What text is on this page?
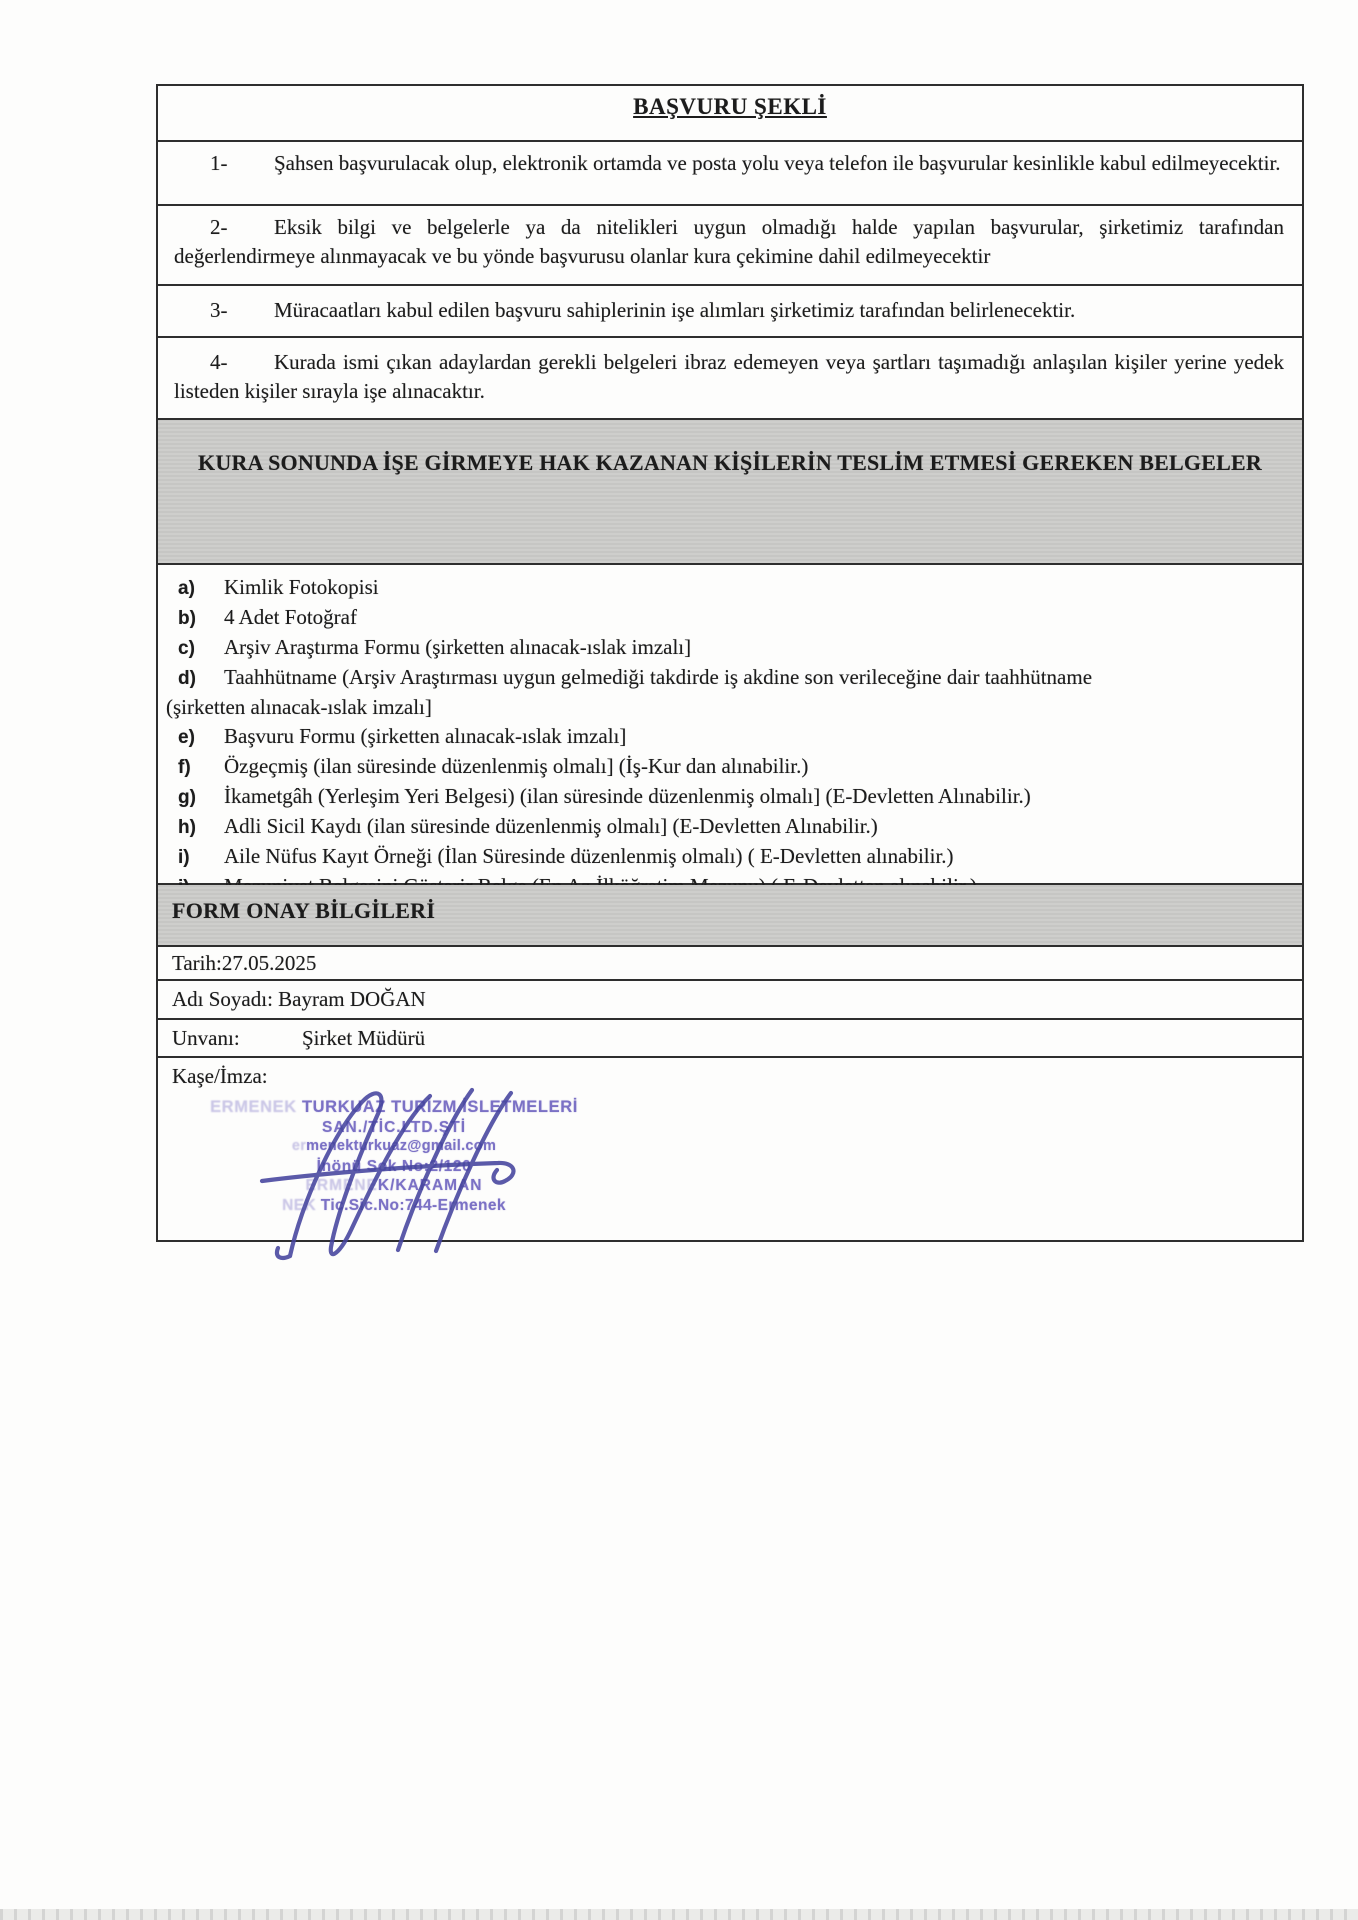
BAŞVURU ŞEKLİ

1- Şahsen başvurulacak olup, elektronik ortamda ve posta yolu veya telefon ile başvurular kesinlikle kabul edilmeyecektir.

2- Eksik bilgi ve belgelerle ya da nitelikleri uygun olmadığı halde yapılan başvurular, şirketimiz tarafından değerlendirmeye alınmayacak ve bu yönde başvurusu olanlar kura çekimine dahil edilmeyecektir

3- Müracaatları kabul edilen başvuru sahiplerinin işe alımları şirketimiz tarafından belirlenecektir.

4- Kurada ismi çıkan adaylardan gerekli belgeleri ibraz edemeyen veya şartları taşımadığı anlaşılan kişiler yerine yedek listeden kişiler sırayla işe alınacaktır.

KURA SONUNDA İŞE GİRMEYE HAK KAZANAN KİŞİLERİN TESLİM ETMESİ GEREKEN BELGELER
a) Kimlik Fotokopisi
b) 4 Adet Fotoğraf
c) Arşiv Araştırma Formu (şirketten alınacak-ıslak imzalı]
d) Taahhütname (Arşiv Araştırması uygun gelmediği takdirde iş akdine son verileceğine dair taahhütname
(şirketten alınacak-ıslak imzalı]
e) Başvuru Formu (şirketten alınacak-ıslak imzalı]
f) Özgeçmiş (ilan süresinde düzenlenmiş olmalı] (İş-Kur dan alınabilir.)
g) İkametgâh (Yerleşim Yeri Belgesi) (ilan süresinde düzenlenmiş olmalı] (E-Devletten Alınabilir.)
h) Adli Sicil Kaydı (ilan süresinde düzenlenmiş olmalı] (E-Devletten Alınabilir.)
i) Aile Nüfus Kayıt Örneği (İlan Süresinde düzenlenmiş olmalı) ( E-Devletten alınabilir.)
FORM ONAY BİLGİLERİ
Tarih:27.05.2025
Adı Soyadı: Bayram DOĞAN
Unvanı:	Şirket Müdürü
Kaşe/İmza:
ERMENEK TURKUAZ TURİZM İSLETMELERİ
SAN./TİC.LTD.ŞTİ
ermenekturkuaz@gmail.com
İnönü Sok No:2/120
ERMENEK/KARAMAN
NEK Tic.Sic.No:744-Ermenek
